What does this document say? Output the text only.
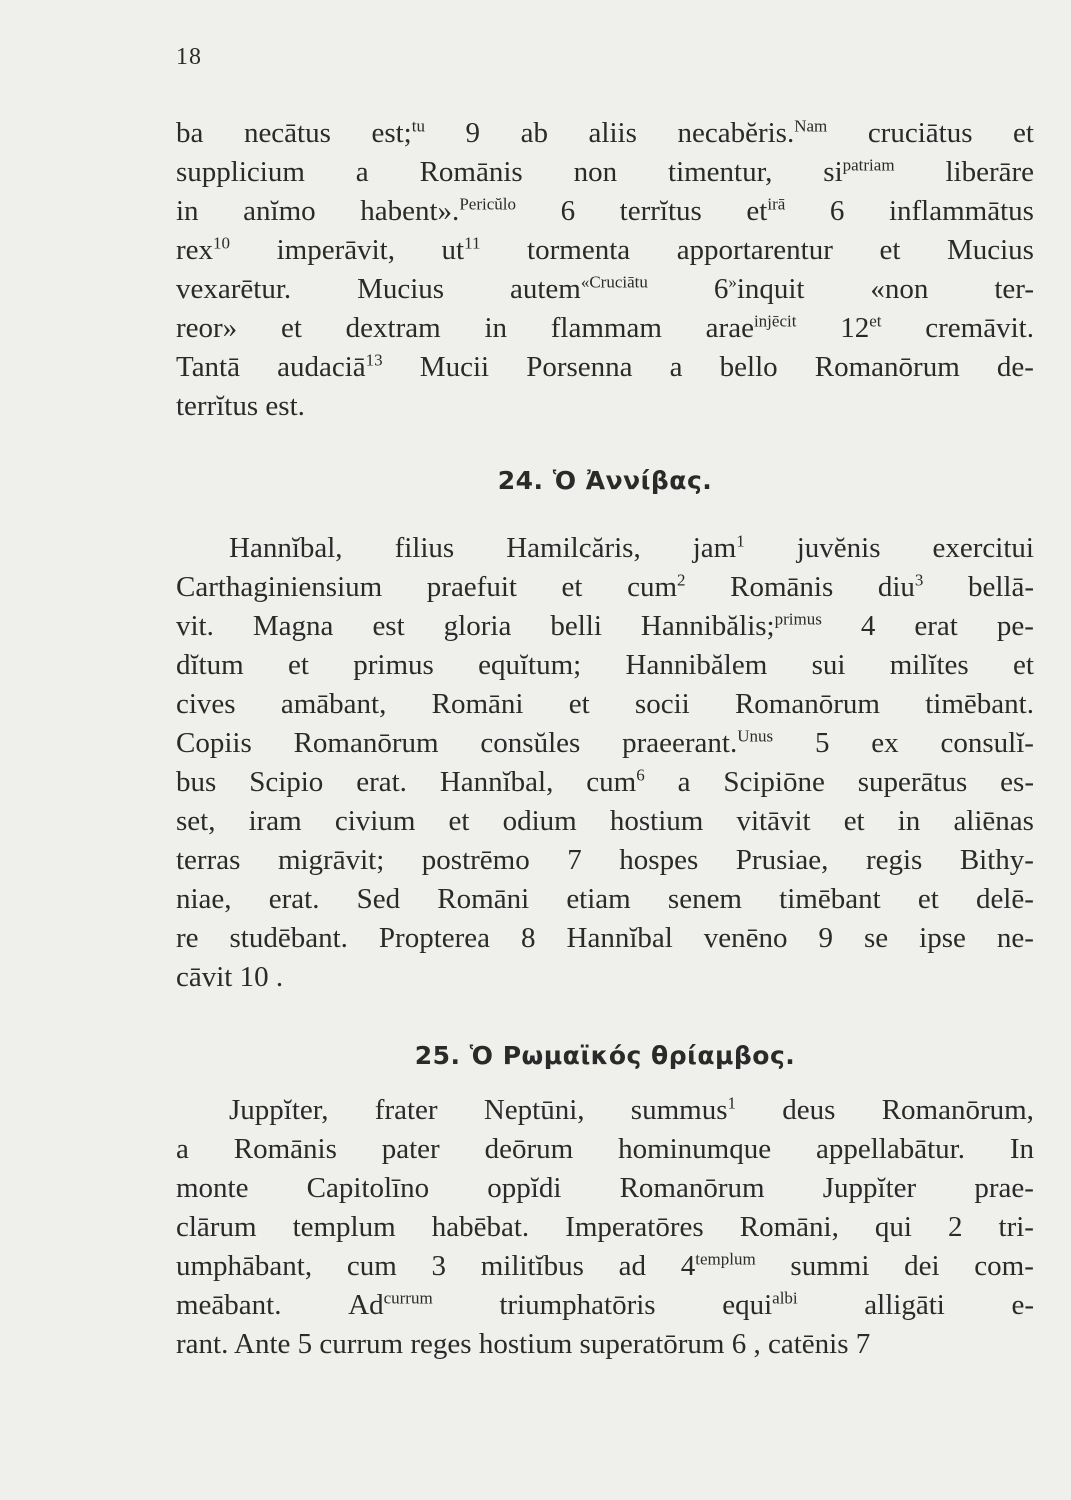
18
ba necātus est;$^{tu}$ 9 ab aliis necabĕris.$^{Nam}$ cruciātus et
supplicium a Romānis non timentur, $si^{patriam}$ liberāre
in anĭmo habent».$^{Pericŭlo}$ 6 terrĭtus $et^{irā}$ 6 inflammātus
rex$^{10}$ imperāvit, $ut^{11}$ tormenta apportarentur et Mucius
vexarētur. Mucius autem$^{«Cruciātu}$ 6»inquit «non ter-
reor» et dextram in flammam arae$^{injēcit}$ $12^{et}$ cremāvit.
Tantā audaciā$^{13}$ Mucii Porsenna a bello Romanōrum de-
terrĭtus est.
24. Ὁ Ἀννίβας.
Hannĭbal, filius Hamilcăris, jam$^1$ juvĕnis exercitui
Carthaginiensium praefuit et cum$^2$ Romānis diu$^3$ bellā-
vit. Magna est gloria belli Hannibălis;$^{primus}$ 4 erat pe-
dĭtum et primus equĭtum; Hannibălem sui milĭtes et
cives amābant, Romāni et socii Romanōrum timēbant.
Copiis Romanōrum consŭles praeerant.$^{Unus}$ 5 ex consulĭ-
bus Scipio erat. Hannĭbal, cum$^6$ a Scipiōne superātus es-
set, iram civium et odium hostium vitāvit et in aliēnas
terras migrāvit; postrēmo 7 hospes Prusiae, regis Bithy-
niae, erat. Sed Romāni etiam senem timēbant et delē-
re studēbant. Propterea 8 Hannĭbal venēno 9 se ipse ne-
cāvit 10 .
25. Ὁ Ρωμαϊκός θρίαμβος.
Juppĭter, frater Neptūni, summus$^1$ deus Romanōrum,
a Romānis pater deōrum hominumque appellabātur. In
monte Capitolīno oppĭdi Romanōrum Juppĭter prae-
clārum templum habēbat. Imperatōres Romāni, qui 2 tri-
umphābant, cum 3 militĭbus ad $4^{templum}$ summi dei com-
meābant. $Ad^{currum}$ triumphatōris equi$^{albi}$ alligāti e-
rant. Ante 5 currum reges hostium superatōrum 6 , catēnis 7
